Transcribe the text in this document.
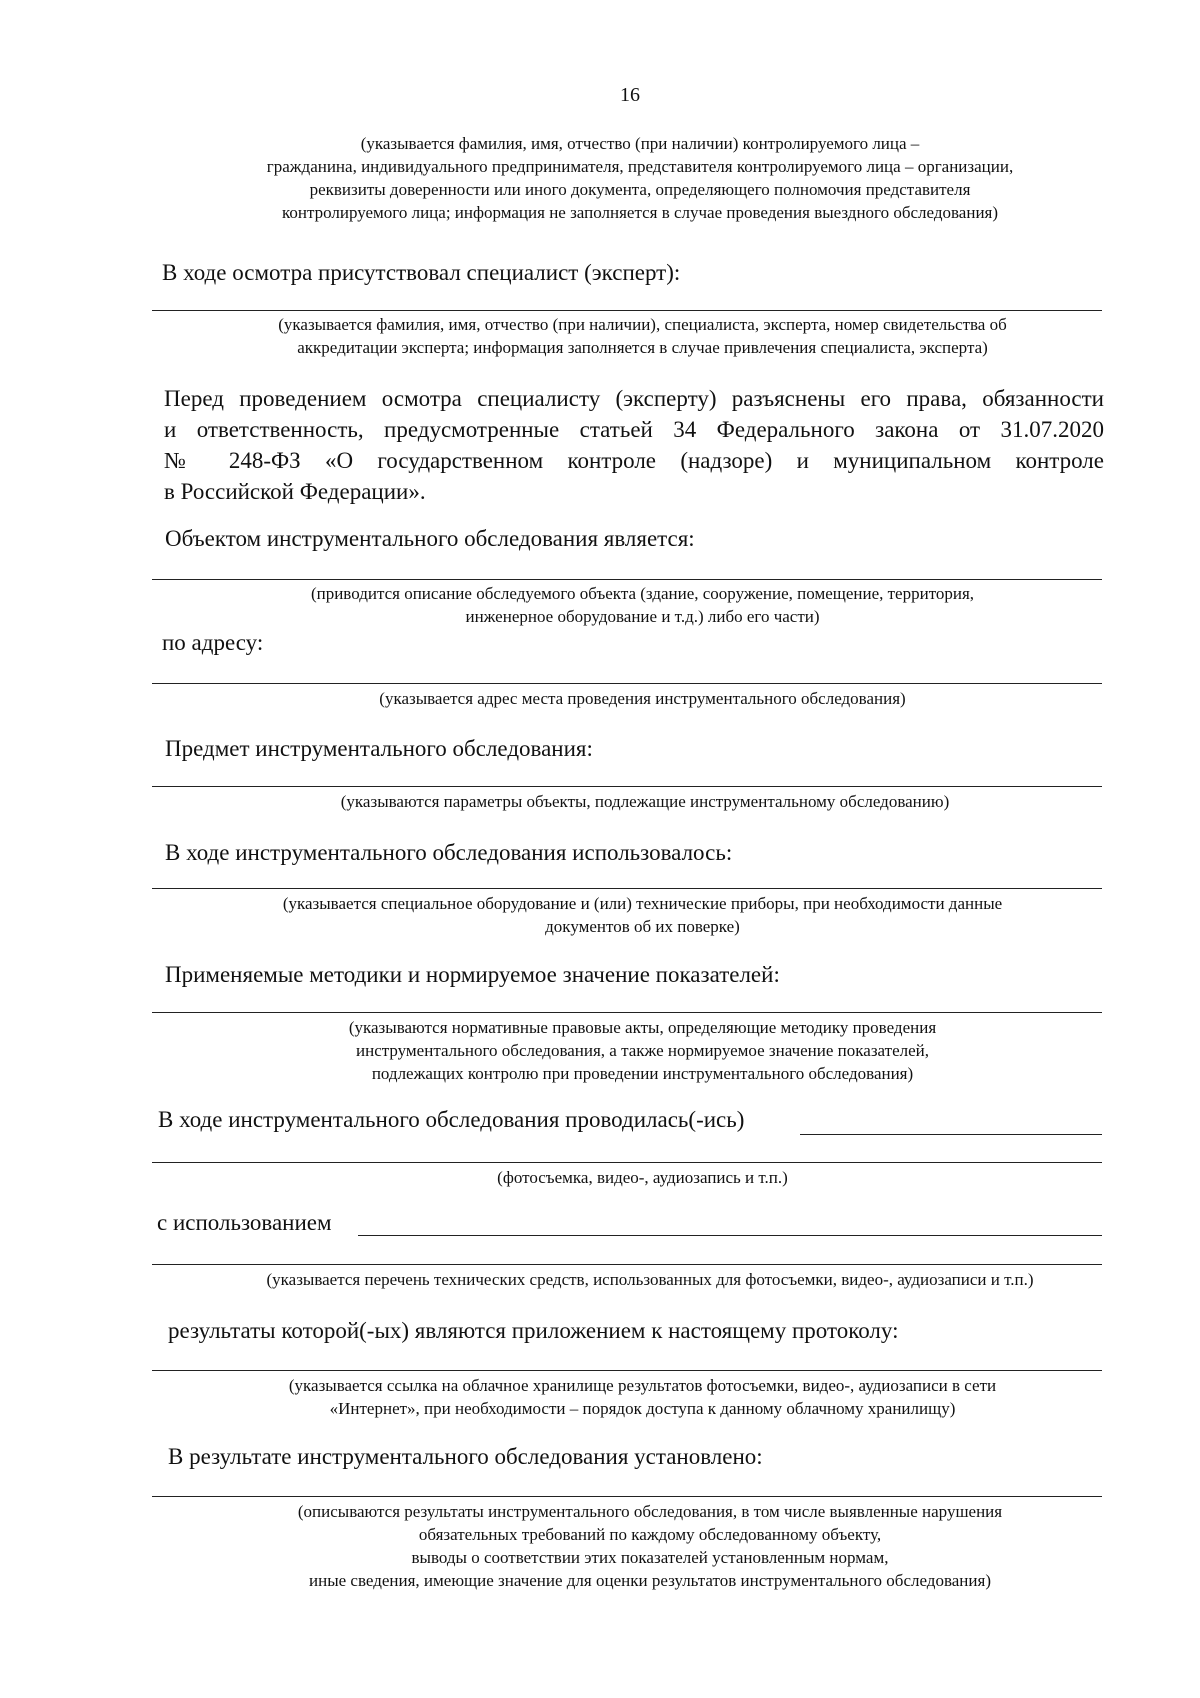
16
(указывается фамилия, имя, отчество (при наличии) контролируемого лица –
гражданина, индивидуального предпринимателя, представителя контролируемого лица – организации,
реквизиты доверенности или иного документа, определяющего полномочия представителя
контролируемого лица; информация не заполняется в случае проведения выездного обследования)
В ходе осмотра присутствовал специалист (эксперт):
(указывается фамилия, имя, отчество (при наличии), специалиста, эксперта, номер свидетельства об
аккредитации эксперта; информация заполняется в случае привлечения специалиста, эксперта)
Перед проведением осмотра специалисту (эксперту) разъяснены его права, обязанности
и ответственность, предусмотренные статьей 34 Федерального закона от 31.07.2020
№ 248-ФЗ «О государственном контроле (надзоре) и муниципальном контроле
в Российской Федерации».
Объектом инструментального обследования является:
(приводится описание обследуемого объекта (здание, сооружение, помещение, территория,
инженерное оборудование и т.д.) либо его части)
по адресу:
(указывается адрес места проведения инструментального обследования)
Предмет инструментального обследования:
(указываются параметры объекты, подлежащие инструментальному обследованию)
В ходе инструментального обследования использовалось:
(указывается специальное оборудование и (или) технические приборы, при необходимости данные
документов об их поверке)
Применяемые методики и нормируемое значение показателей:
(указываются нормативные правовые акты, определяющие методику проведения
инструментального обследования, а также нормируемое значение показателей,
подлежащих контролю при проведении инструментального обследования)
В ходе инструментального обследования проводилась(-ись)
(фотосъемка, видео-, аудиозапись и т.п.)
с использованием
(указывается перечень технических средств, использованных для фотосъемки, видео-, аудиозаписи и т.п.)
результаты которой(-ых) являются приложением к настоящему протоколу:
(указывается ссылка на облачное хранилище результатов фотосъемки, видео-, аудиозаписи в сети
«Интернет», при необходимости – порядок доступа к данному облачному хранилищу)
В результате инструментального обследования установлено:
(описываются результаты инструментального обследования, в том числе выявленные нарушения
обязательных требований по каждому обследованному объекту,
выводы о соответствии этих показателей установленным нормам,
иные сведения, имеющие значение для оценки результатов инструментального обследования)
